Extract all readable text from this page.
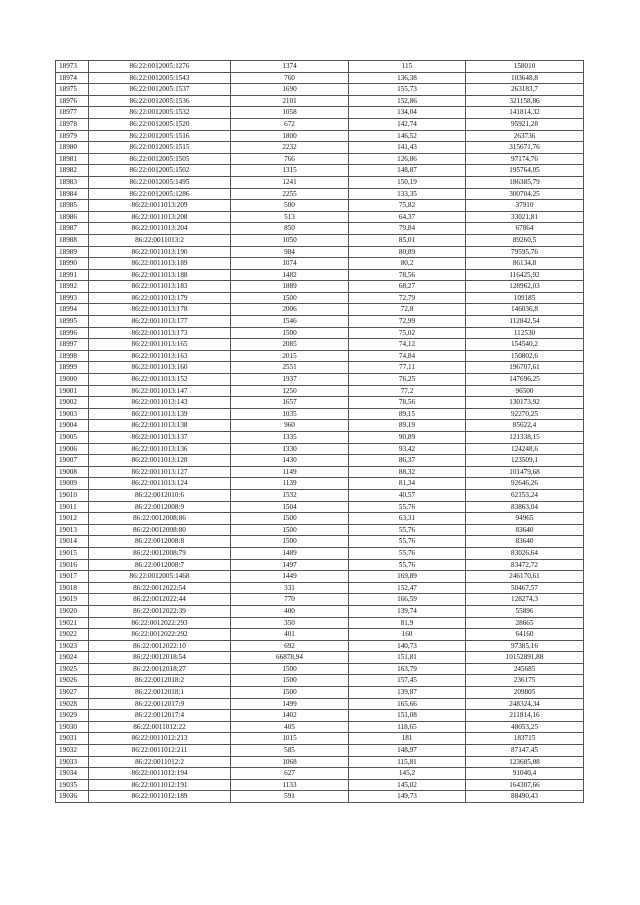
18973	86:22:0012005:1276	1374	115	158010
18974	86:22:0012005:1543	760	136,38	103648,8
18975	86:22:0012005:1537	1690	155,73	263183,7
18976	86:22:0012005:1536	2101	152,86	321158,86
18977	86:22:0012005:1532	1058	134,04	141814,32
18978	86:22:0012005:1520	672	142,74	95921,28
18979	86:22:0012005:1516	1800	146,52	263736
18980	86:22:0012005:1515	2232	141,43	315671,76
18981	86:22:0012005:1505	766	126,86	97174,76
18982	86:22:0012005:1502	1315	148,87	195764,05
18983	86:22:0012005:1495	1241	150,19	186385,79
18984	86:22:0012005:1286	2255	133,35	300704,25
18985	86:22:0011013:209	500	75,82	37910
18986	86:22:0011013:208	513	64,37	33021,81
18987	86:22:0011013:204	850	79,84	67864
18988	86:22:0011013:2	1050	85,01	89260,5
18989	86:22:0011013:190	984	80,89	79595,76
18990	86:22:0011013:189	1074	80,2	86134,8
18991	86:22:0011013:188	1482	78,56	116425,92
18992	86:22:0011013:183	1889	68,27	128962,03
18993	86:22:0011013:179	1500	72,79	109185
18994	86:22:0011013:178	2006	72,8	146036,8
18995	86:22:0011013:177	1546	72,99	112842,54
18996	86:22:0011013:173	1500	75,02	112530
18997	86:22:0011013:165	2085	74,12	154540,2
18998	86:22:0011013:163	2015	74,84	150802,6
18999	86:22:0011013:160	2551	77,11	196707,61
19000	86:22:0011013:152	1937	76,25	147696,25
19001	86:22:0011013:147	1250	77,2	96500
19002	86:22:0011013:143	1657	78,56	130173,92
19003	86:22:0011013:139	1035	89,15	92270,25
19004	86:22:0011013:138	960	89,19	85622,4
19005	86:22:0011013:137	1335	90,89	121338,15
19006	86:22:0011013:136	1330	93,42	124248,6
19007	86:22:0011013:128	1430	86,37	123509,1
19008	86:22:0011013:127	1149	88,32	101479,68
19009	86:22:0011013:124	1139	81,34	92646,26
19010	86:22:0012010:6	1532	40,57	62153,24
19011	86:22:0012008:9	1504	55,76	83863,04
19012	86:22:0012008:86	1500	63,31	94965
19013	86:22:0012008:80	1500	55,76	83640
19014	86:22:0012008:8	1500	55,76	83640
19015	86:22:0012008:79	1489	55,76	83026,64
19016	86:22:0012008:7	1497	55,76	83472,72
19017	86:22:0012005:1468	1449	169,89	246170,61
19018	86:22:0012022:54	331	152,47	50467,57
19019	86:22:0012022:44	770	166,59	128274,3
19020	86:22:0012022:39	400	139,74	55896
19021	86:22:0012022:293	350	81,9	28665
19022	86:22:0012022:292	401	160	64160
19023	86:22:0012022:10	692	140,73	97385,16
19024	86:22:0012018:54	66878,94	151,81	10152891,88
19025	86:22:0012018:27	1500	163,79	245685
19026	86:22:0012018:2	1500	157,45	236175
19027	86:22:0012018:1	1500	139,87	209805
19028	86:22:0012017:9	1499	165,66	248324,34
19029	86:22:0012017:4	1402	151,08	211814,16
19030	86:22:0011012:22	405	118,65	48053,25
19031	86:22:0011012:213	1015	181	183715
19032	86:22:0011012:211	585	148,97	87147,45
19033	86:22:0011012:2	1068	115,81	123685,08
19034	86:22:0011012:194	627	145,2	91040,4
19035	86:22:0011012:191	1133	145,02	164307,66
19036	86:22:0011012:189	591	149,73	88490,43
